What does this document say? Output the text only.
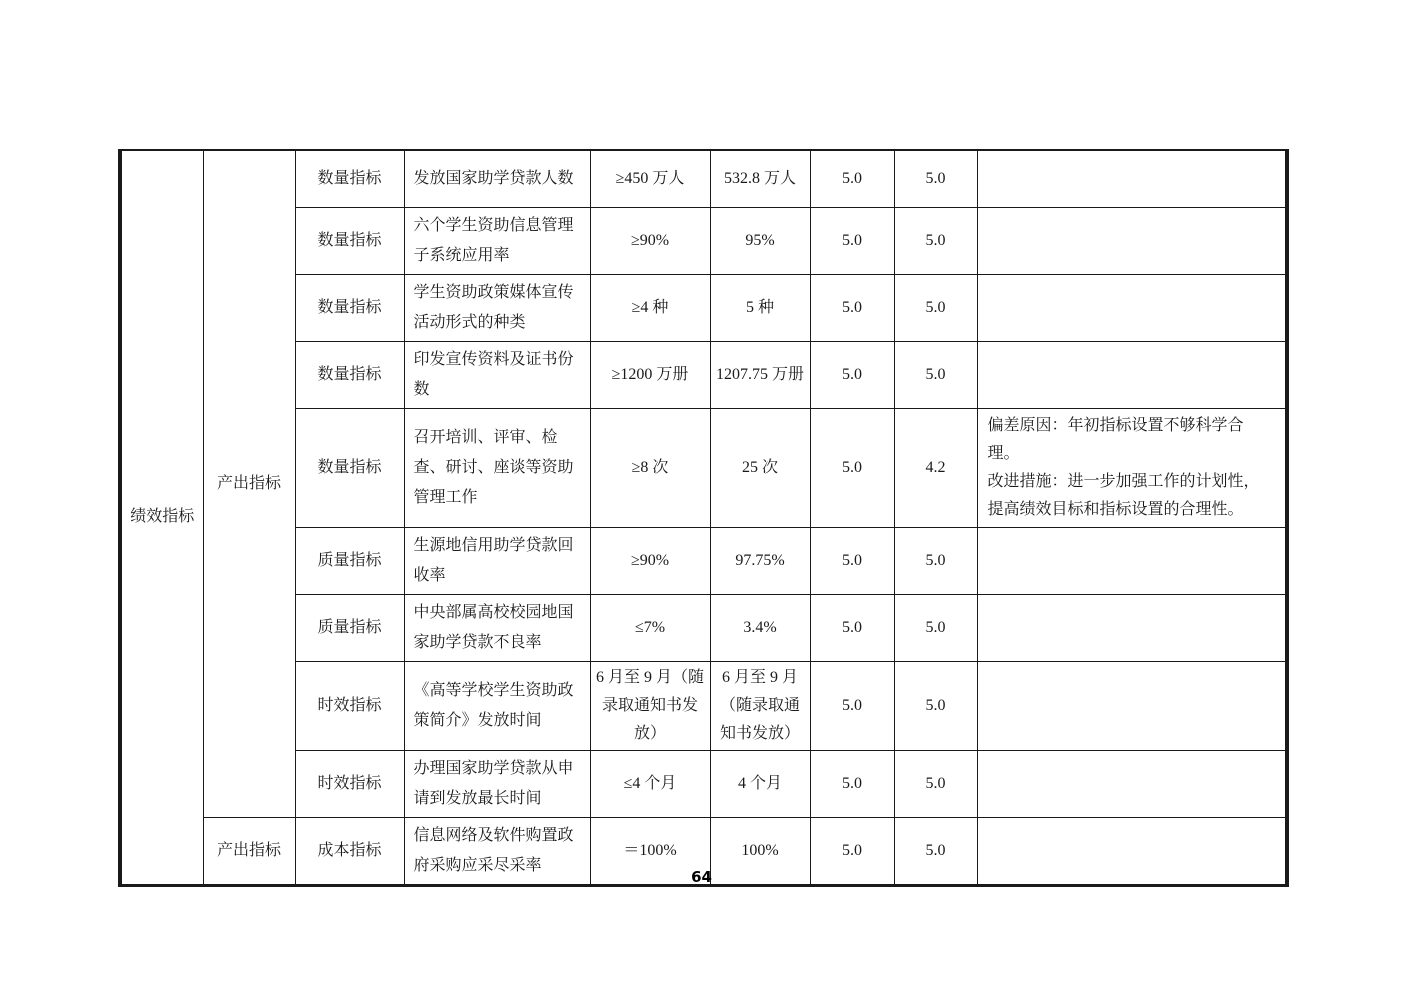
绩效指标	产出指标	数量指标	发放国家助学贷款人数	≥450 万人	532.8 万人	5.0	5.0	
		数量指标	六个学生资助信息管理子系统应用率	≥90%	95%	5.0	5.0	
		数量指标	学生资助政策媒体宣传活动形式的种类	≥4 种	5 种	5.0	5.0	
		数量指标	印发宣传资料及证书份数	≥1200 万册	1207.75 万册	5.0	5.0	
		数量指标	召开培训、评审、检查、研讨、座谈等资助管理工作	≥8 次	25 次	5.0	4.2	偏差原因：年初指标设置不够科学合理。
改进措施：进一步加强工作的计划性，提高绩效目标和指标设置的合理性。

		质量指标	生源地信用助学贷款回收率	≥90%	97.75%	5.0	5.0	
		质量指标	中央部属高校校园地国家助学贷款不良率	≤7%	3.4%	5.0	5.0	
		时效指标	《高等学校学生资助政策简介》发放时间	6 月至 9 月（随录取通知书发放）	6 月至 9 月 （随录取通知书发放）	5.0	5.0	
		时效指标	办理国家助学贷款从申请到发放最长时间	≤4 个月	4 个月	5.0	5.0	
	产出指标	成本指标	信息网络及软件购置政府采购应采尽采率	＝100%	100%	5.0	5.0	
64
